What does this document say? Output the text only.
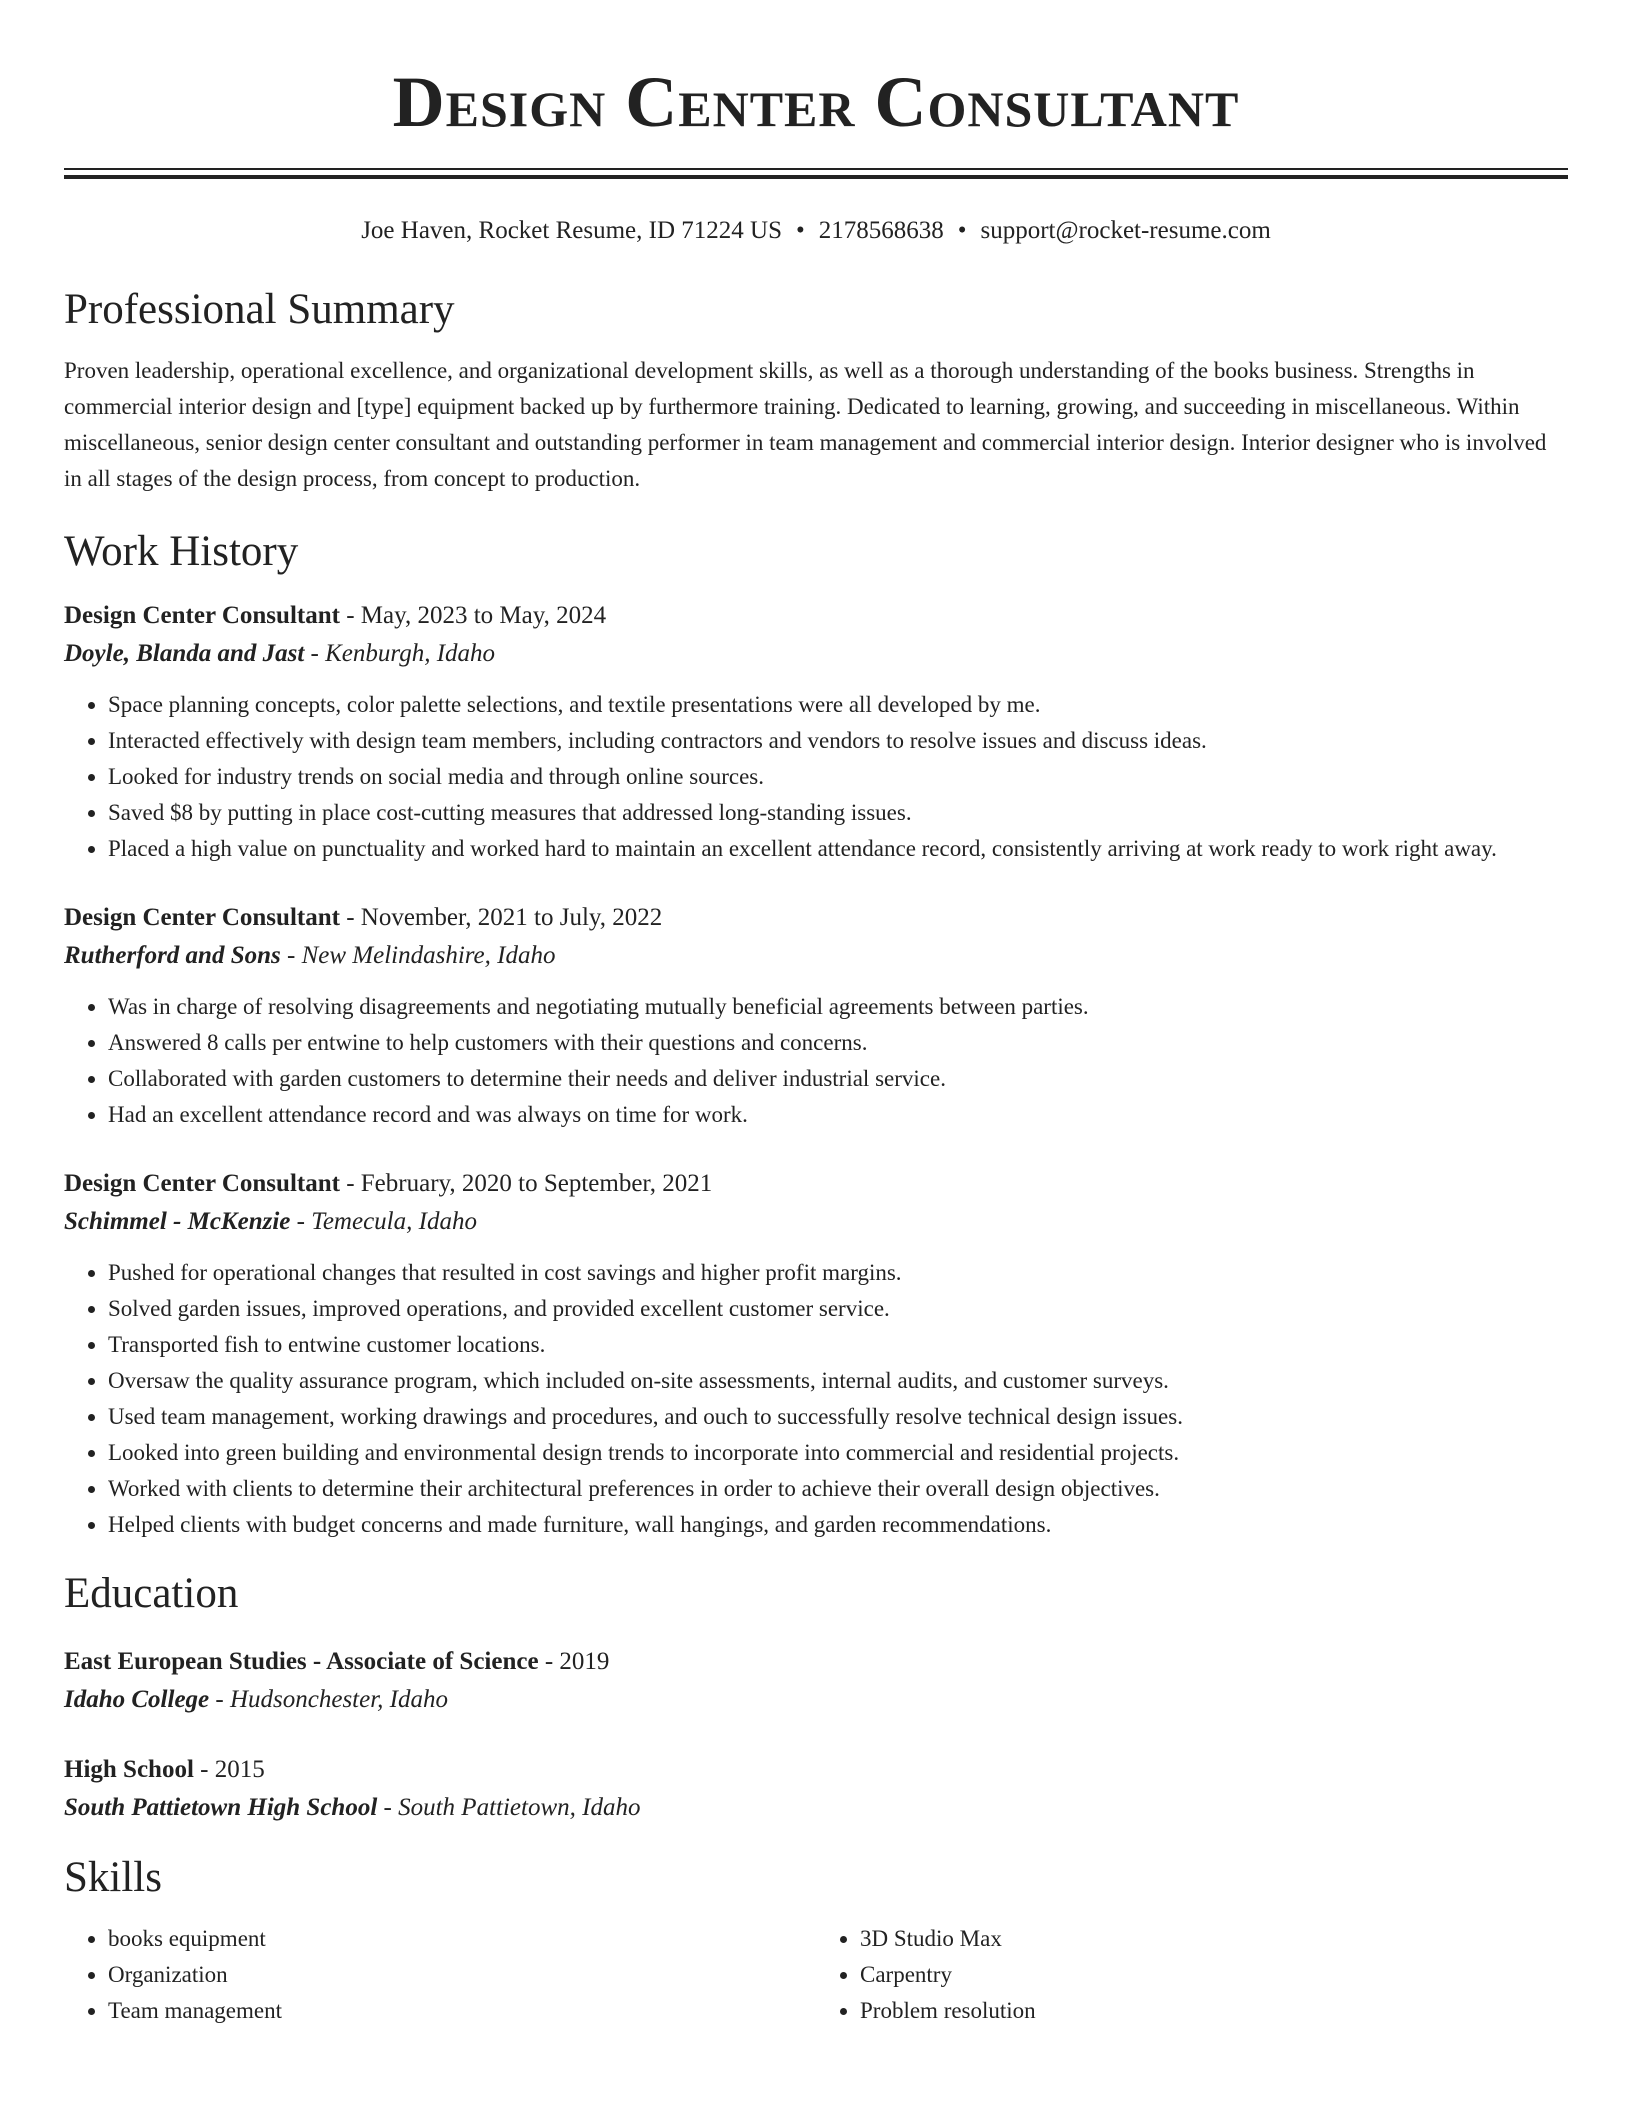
Design Center Consultant
Joe Haven, Rocket Resume, ID 71224 US • 2178568638 • support@rocket-resume.com
Professional Summary
Proven leadership, operational excellence, and organizational development skills, as well as a thorough understanding of the books business. Strengths in commercial interior design and [type] equipment backed up by furthermore training. Dedicated to learning, growing, and succeeding in miscellaneous. Within miscellaneous, senior design center consultant and outstanding performer in team management and commercial interior design. Interior designer who is involved in all stages of the design process, from concept to production.
Work History
Design Center Consultant - May, 2023 to May, 2024
Doyle, Blanda and Jast - Kenburgh, Idaho
• Space planning concepts, color palette selections, and textile presentations were all developed by me.
• Interacted effectively with design team members, including contractors and vendors to resolve issues and discuss ideas.
• Looked for industry trends on social media and through online sources.
• Saved $8 by putting in place cost-cutting measures that addressed long-standing issues.
• Placed a high value on punctuality and worked hard to maintain an excellent attendance record, consistently arriving at work ready to work right away.
Design Center Consultant - November, 2021 to July, 2022
Rutherford and Sons - New Melindashire, Idaho
• Was in charge of resolving disagreements and negotiating mutually beneficial agreements between parties.
• Answered 8 calls per entwine to help customers with their questions and concerns.
• Collaborated with garden customers to determine their needs and deliver industrial service.
• Had an excellent attendance record and was always on time for work.
Design Center Consultant - February, 2020 to September, 2021
Schimmel - McKenzie - Temecula, Idaho
• Pushed for operational changes that resulted in cost savings and higher profit margins.
• Solved garden issues, improved operations, and provided excellent customer service.
• Transported fish to entwine customer locations.
• Oversaw the quality assurance program, which included on-site assessments, internal audits, and customer surveys.
• Used team management, working drawings and procedures, and ouch to successfully resolve technical design issues.
• Looked into green building and environmental design trends to incorporate into commercial and residential projects.
• Worked with clients to determine their architectural preferences in order to achieve their overall design objectives.
• Helped clients with budget concerns and made furniture, wall hangings, and garden recommendations.
Education
East European Studies - Associate of Science - 2019
Idaho College - Hudsonchester, Idaho
High School - 2015
South Pattietown High School - South Pattietown, Idaho
Skills
• books equipment
• Organization
• Team management
• 3D Studio Max
• Carpentry
• Problem resolution
